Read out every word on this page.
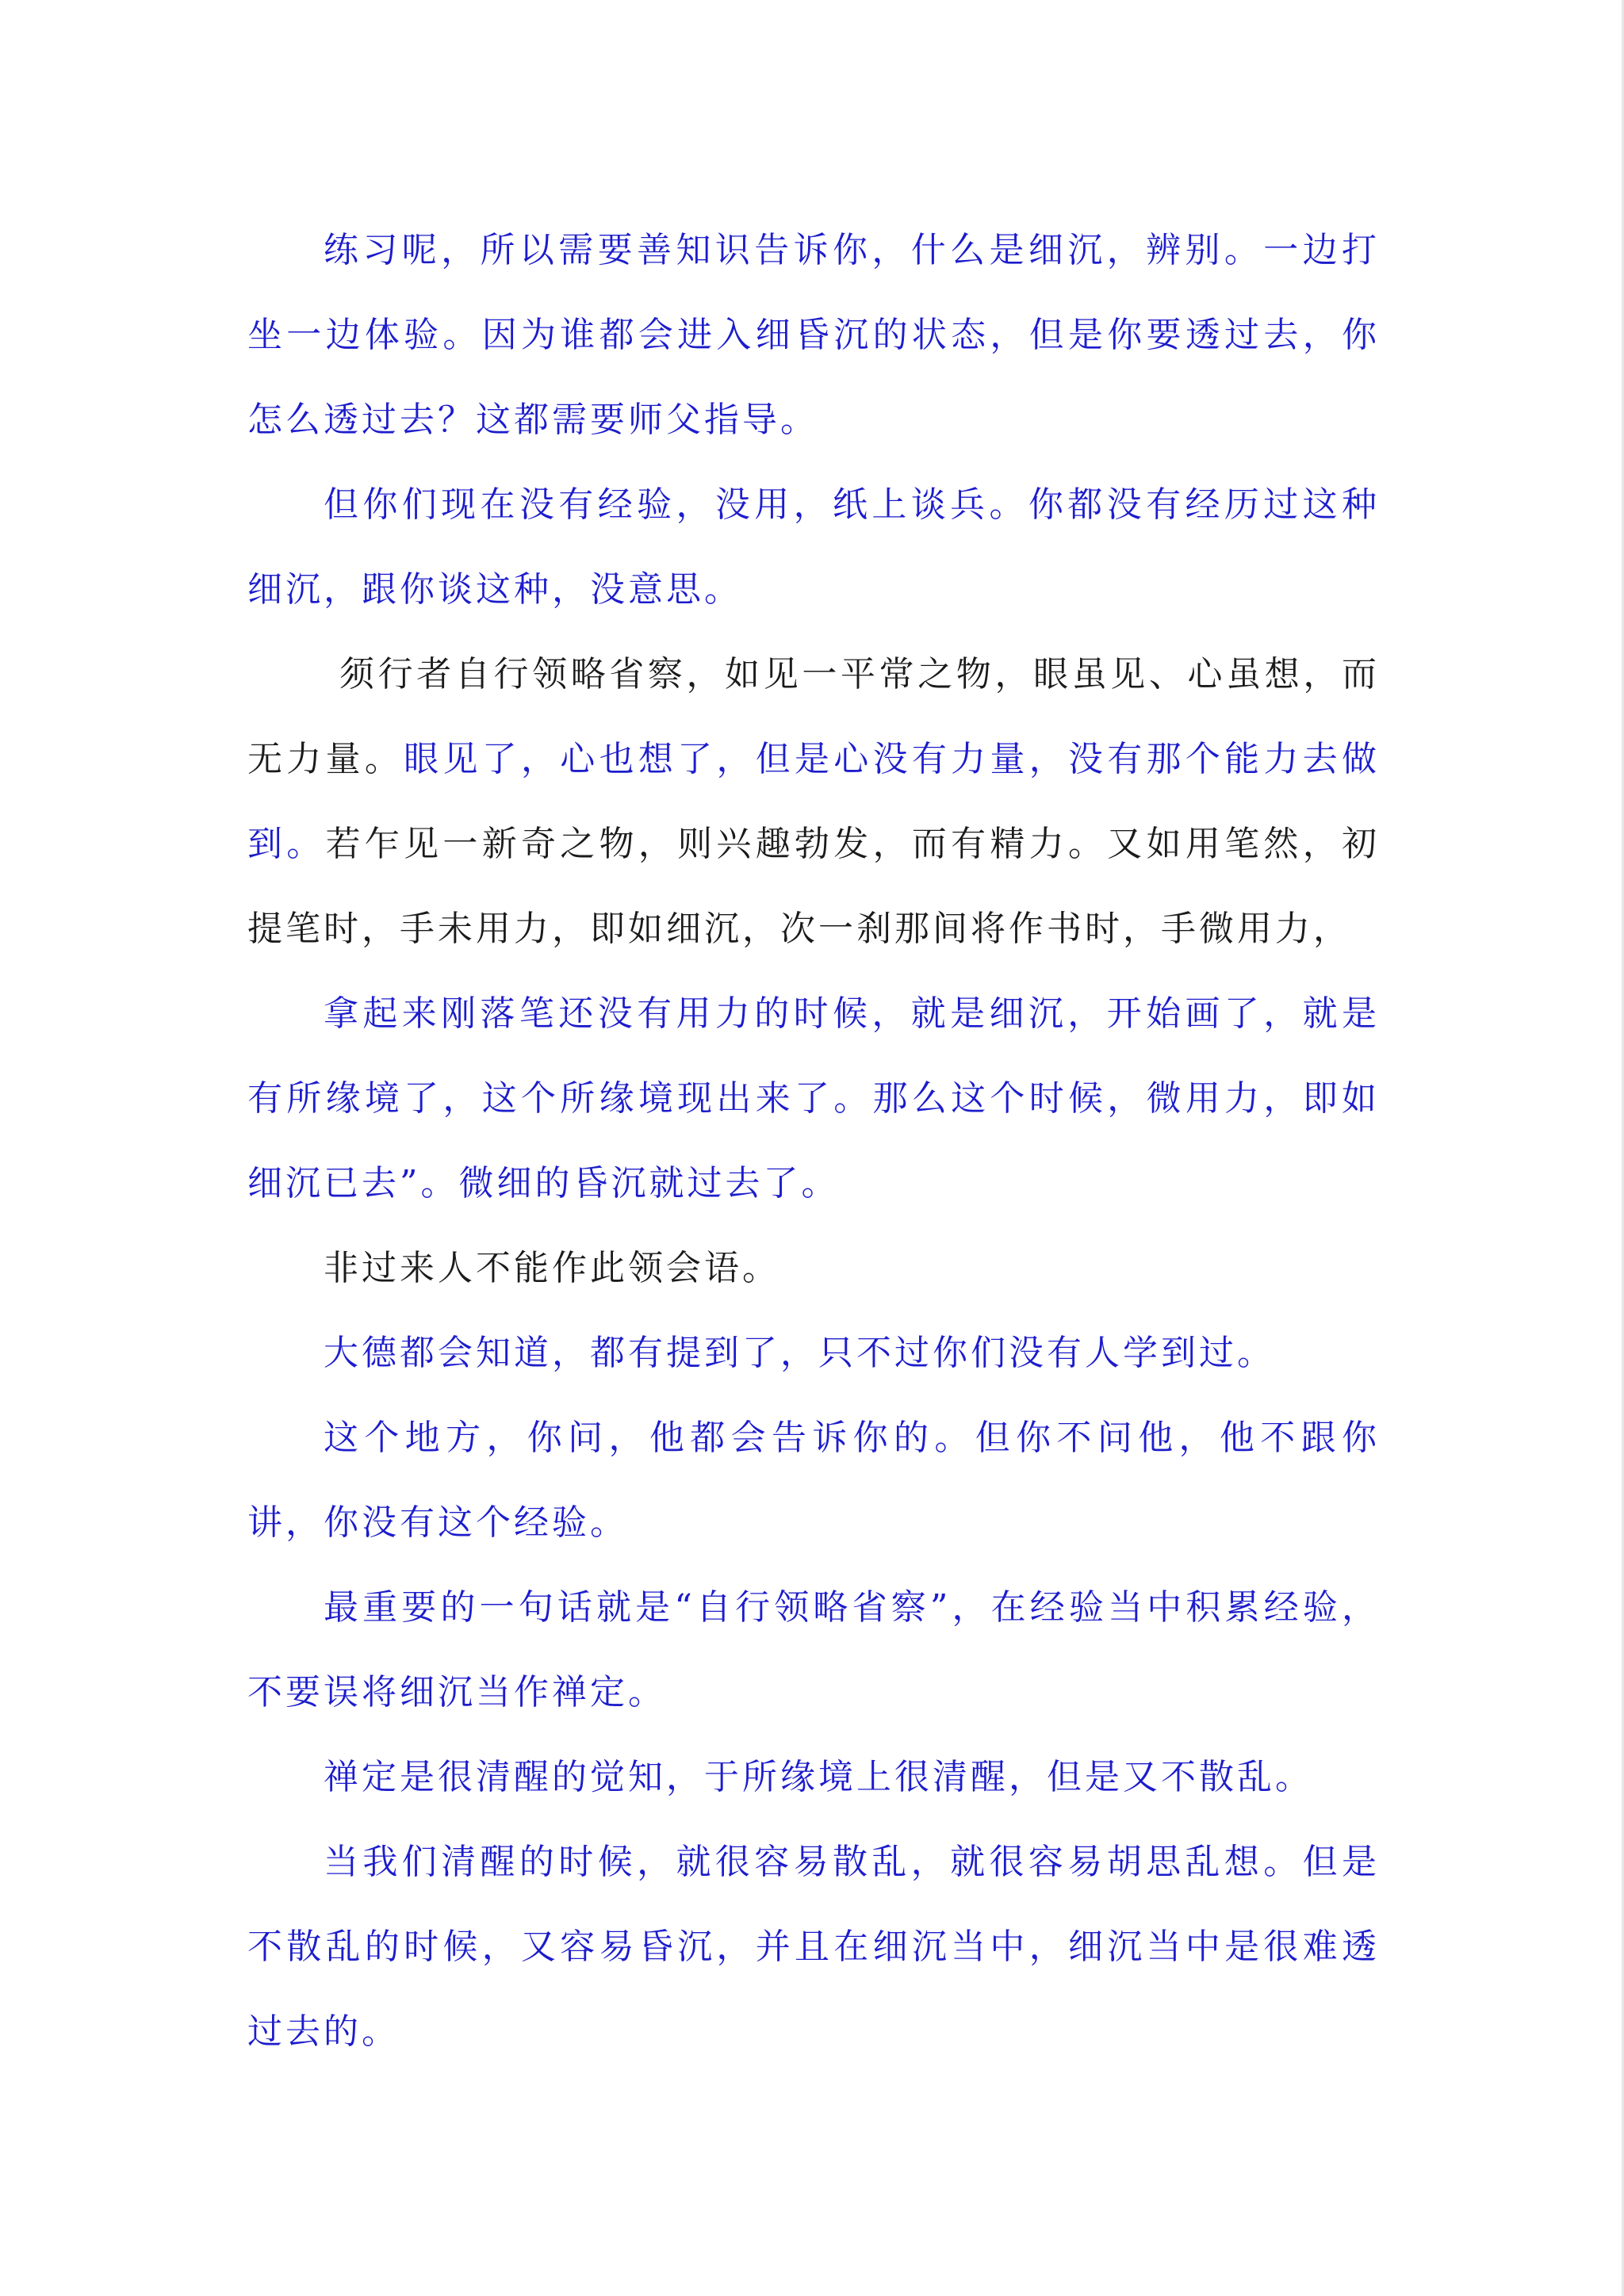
练习呢，所以需要善知识告诉你，什么是细沉，辨别。一边打坐一边体验。因为谁都会进入细昏沉的状态，但是你要透过去，你怎么透过去？这都需要师父指导。

但你们现在没有经验，没用，纸上谈兵。你都没有经历过这种细沉，跟你谈这种，没意思。

须行者自行领略省察，如见一平常之物，眼虽见、心虽想，而无力量。眼见了，心也想了，但是心没有力量，没有那个能力去做到。若乍见一新奇之物，则兴趣勃发，而有精力。又如用笔然，初提笔时，手未用力，即如细沉，次一刹那间将作书时，手微用力，

拿起来刚落笔还没有用力的时候，就是细沉，开始画了，就是有所缘境了，这个所缘境现出来了。那么这个时候，微用力，即如细沉已去”。微细的昏沉就过去了。

非过来人不能作此领会语。

大德都会知道，都有提到了，只不过你们没有人学到过。

这个地方，你问，他都会告诉你的。但你不问他，他不跟你讲，你没有这个经验。

最重要的一句话就是“自行领略省察”，在经验当中积累经验，不要误将细沉当作禅定。

禅定是很清醒的觉知，于所缘境上很清醒，但是又不散乱。

当我们清醒的时候，就很容易散乱，就很容易胡思乱想。但是不散乱的时候，又容易昏沉，并且在细沉当中，细沉当中是很难透过去的。
